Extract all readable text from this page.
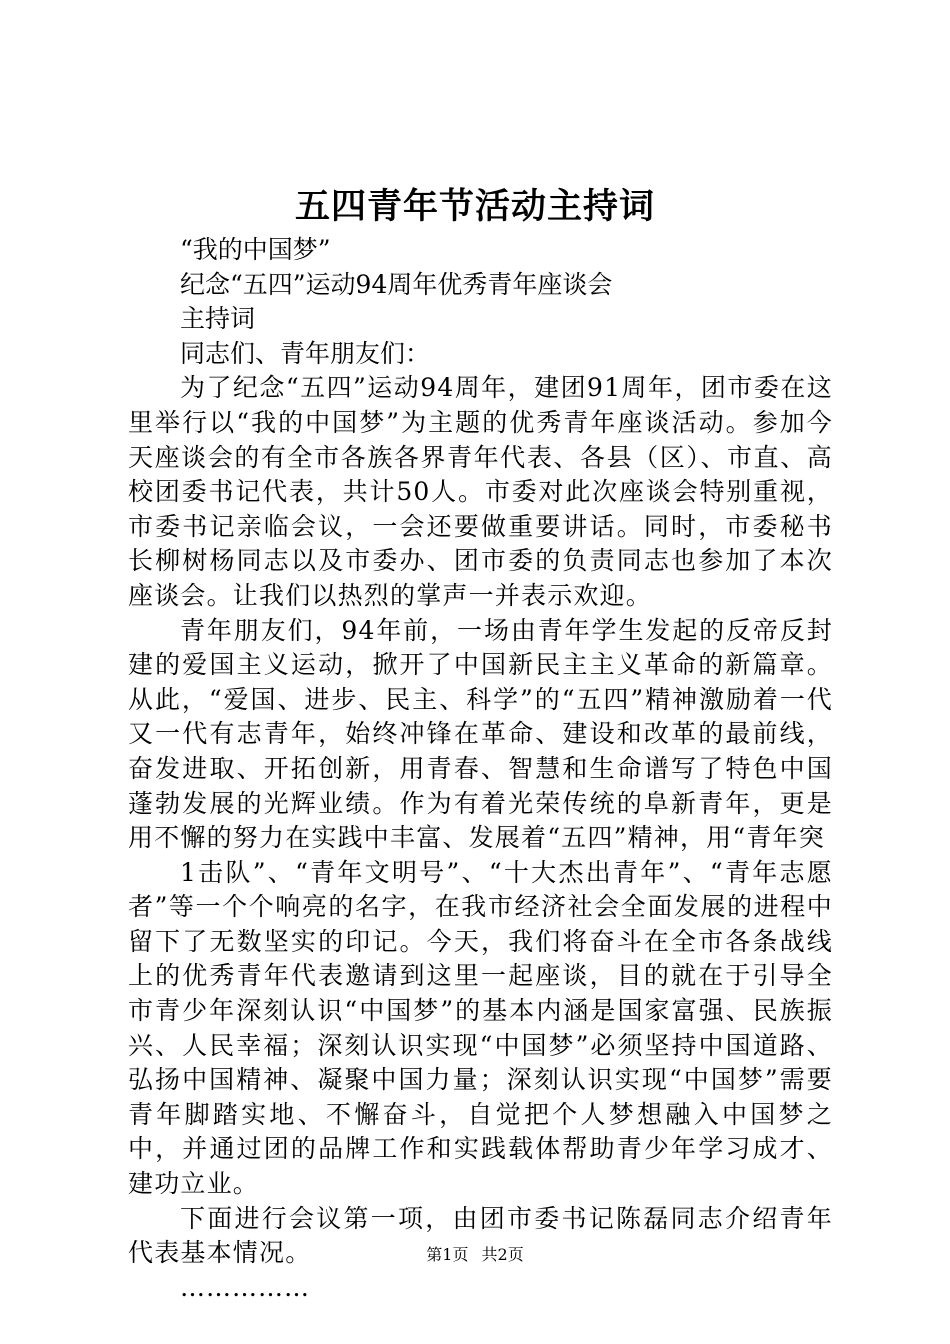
五四青年节活动主持词

“我的中国梦”

纪念“五四”运动94周年优秀青年座谈会

主持词

同志们、青年朋友们：

为了纪念“五四”运动94周年，建团91周年，团市委在这里举行以“我的中国梦”为主题的优秀青年座谈活动。参加今天座谈会的有全市各族各界青年代表、各县（区）、市直、高校团委书记代表，共计50人。市委对此次座谈会特别重视，市委书记亲临会议，一会还要做重要讲话。同时，市委秘书长柳树杨同志以及市委办、团市委的负责同志也参加了本次座谈会。让我们以热烈的掌声一并表示欢迎。

青年朋友们，94年前，一场由青年学生发起的反帝反封建的爱国主义运动，掀开了中国新民主主义革命的新篇章。从此，“爱国、进步、民主、科学”的“五四”精神激励着一代又一代有志青年，始终冲锋在革命、建设和改革的最前线，奋发进取、开拓创新，用青春、智慧和生命谱写了特色中国蓬勃发展的光辉业绩。作为有着光荣传统的阜新青年，更是用不懈的努力在实践中丰富、发展着“五四”精神，用“青年突

1击队”、“青年文明号”、“十大杰出青年”、“青年志愿者”等一个个响亮的名字，在我市经济社会全面发展的进程中留下了无数坚实的印记。今天，我们将奋斗在全市各条战线上的优秀青年代表邀请到这里一起座谈，目的就在于引导全市青少年深刻认识“中国梦”的基本内涵是国家富强、民族振兴、人民幸福；深刻认识实现“中国梦”必须坚持中国道路、弘扬中国精神、凝聚中国力量；深刻认识实现“中国梦”需要青年脚踏实地、不懈奋斗，自觉把个人梦想融入中国梦之中，并通过团的品牌工作和实践载体帮助青少年学习成才、建功立业。

下面进行会议第一项，由团市委书记陈磊同志介绍青年代表基本情况。

……………

第1页 共2页
